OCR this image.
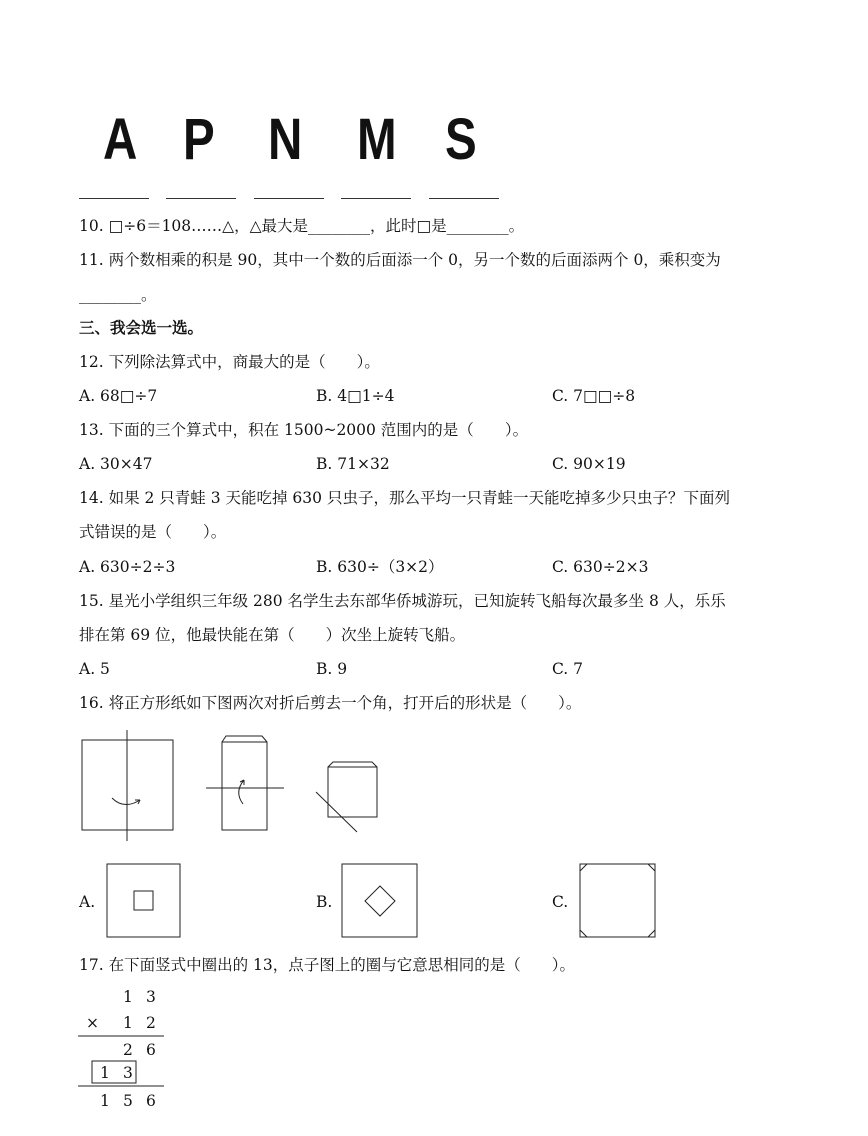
A P N M S
10. □÷6＝108……△，△最大是________，此时□是________。
11. 两个数相乘的积是 90，其中一个数的后面添一个 0，另一个数的后面添两个 0，乘积变为
________。
三、我会选一选。
12. 下列除法算式中，商最大的是（　　）。
A. 68□÷7	B. 4□1÷4	C. 7□□÷8
13. 下面的三个算式中，积在 1500~2000 范围内的是（　　）。
A. 30×47	B. 71×32	C. 90×19
14. 如果 2 只青蛙 3 天能吃掉 630 只虫子，那么平均一只青蛙一天能吃掉多少只虫子？下面列
式错误的是（　　）。
A. 630÷2÷3	B. 630÷（3×2）	C. 630÷2×3
15. 星光小学组织三年级 280 名学生去东部华侨城游玩，已知旋转飞船每次最多坐 8 人，乐乐
排在第 69 位，他最快能在第（　　）次坐上旋转飞船。
A. 5	B. 9	C. 7
16. 将正方形纸如下图两次对折后剪去一个角，打开后的形状是（　　）。
A.	B.	C.
17. 在下面竖式中圈出的 13，点子图上的圈与它意思相同的是（　　）。
1 3
× 1 2
2 6
1 3
1 5 6
